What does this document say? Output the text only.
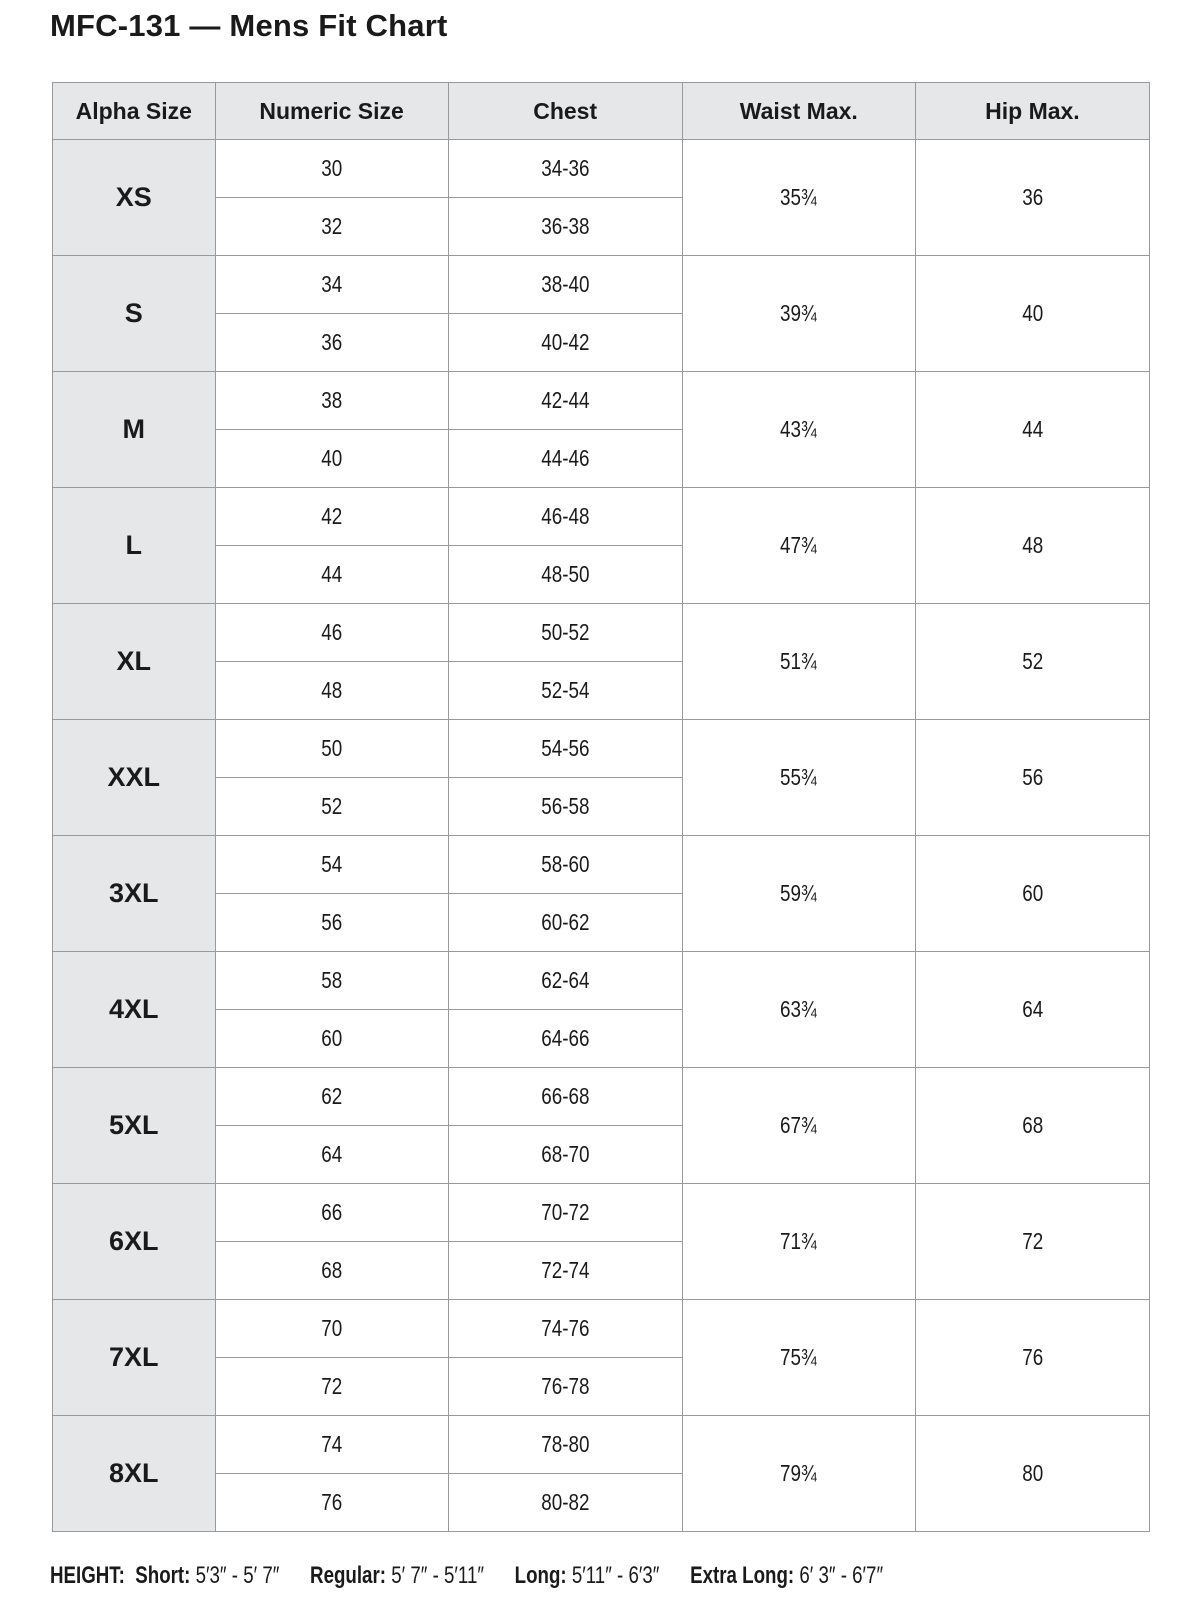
MFC-131 — Mens Fit Chart
Alpha Size	Numeric Size	Chest	Waist Max.	Hip Max.
XS	30	34-36	35¾	36
	32	36-38		
S	34	38-40	39¾	40
	36	40-42		
M	38	42-44	43¾	44
	40	44-46		
L	42	46-48	47¾	48
	44	48-50		
XL	46	50-52	51¾	52
	48	52-54		
XXL	50	54-56	55¾	56
	52	56-58		
3XL	54	58-60	59¾	60
	56	60-62		
4XL	58	62-64	63¾	64
	60	64-66		
5XL	62	66-68	67¾	68
	64	68-70		
6XL	66	70-72	71¾	72
	68	72-74		
7XL	70	74-76	75¾	76
	72	76-78		
8XL	74	78-80	79¾	80
	76	80-82		
HEIGHT: Short: 5′3″ - 5′ 7″ Regular: 5′ 7″ - 5′11″ Long: 5′11″ - 6′3″ Extra Long: 6′ 3″ - 6′7″
